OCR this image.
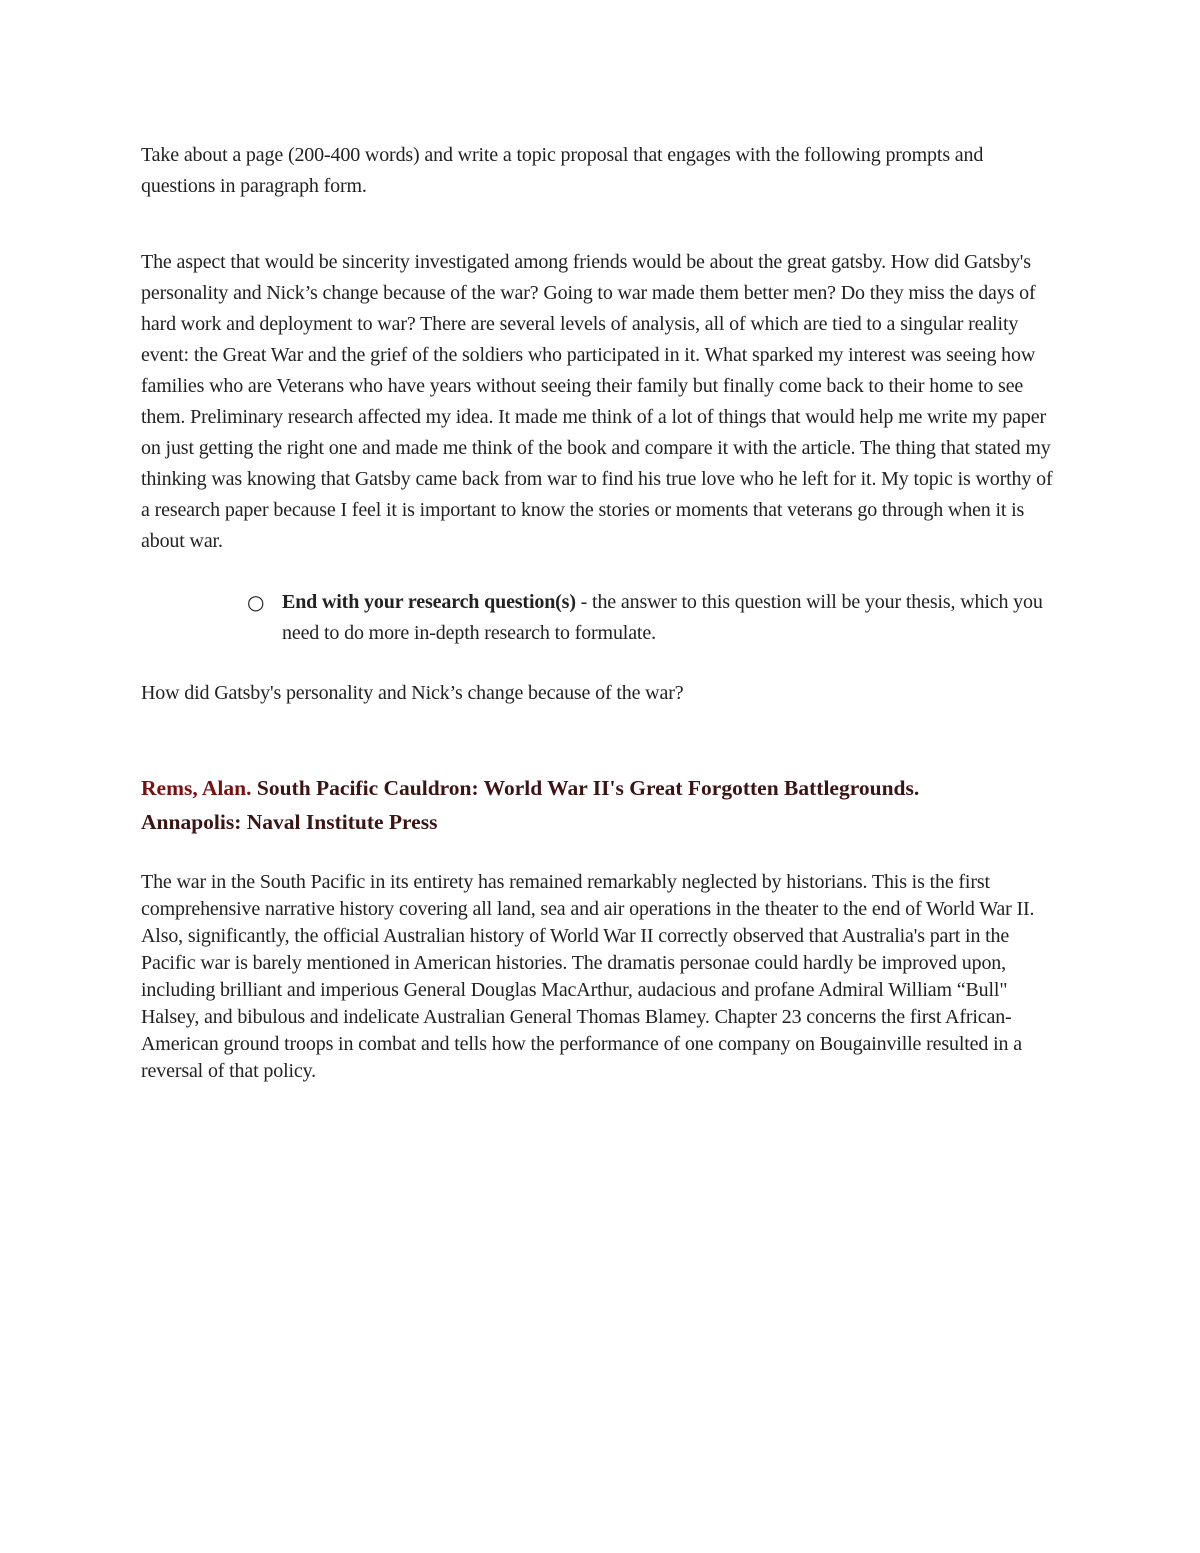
Take about a page (200-400 words) and write a topic proposal that engages with the following prompts and questions in paragraph form.

The aspect that would be sincerity investigated among friends would be about the great gatsby. How did Gatsby's personality and Nick’s change because of the war? Going to war made them better men? Do they miss the days of hard work and deployment to war? There are several levels of analysis, all of which are tied to a singular reality event: the Great War and the grief of the soldiers who participated in it. What sparked my interest was seeing how families who are Veterans who have years without seeing their family but finally come back to their home to see them. Preliminary research affected my idea. It made me think of a lot of things that would help me write my paper on just getting the right one and made me think of the book and compare it with the article. The thing that stated my thinking was knowing that Gatsby came back from war to find his true love who he left for it. My topic is worthy of a research paper because I feel it is important to know the stories or moments that veterans go through when it is about war.

○ End with your research question(s) - the answer to this question will be your thesis, which you need to do more in-depth research to formulate.

How did Gatsby's personality and Nick’s change because of the war?

Rems, Alan. South Pacific Cauldron: World War II's Great Forgotten Battlegrounds. Annapolis: Naval Institute Press

The war in the South Pacific in its entirety has remained remarkably neglected by historians. This is the first comprehensive narrative history covering all land, sea and air operations in the theater to the end of World War II. Also, significantly, the official Australian history of World War II correctly observed that Australia's part in the Pacific war is barely mentioned in American histories. The dramatis personae could hardly be improved upon, including brilliant and imperious General Douglas MacArthur, audacious and profane Admiral William “Bull" Halsey, and bibulous and indelicate Australian General Thomas Blamey. Chapter 23 concerns the first African-American ground troops in combat and tells how the performance of one company on Bougainville resulted in a reversal of that policy.
